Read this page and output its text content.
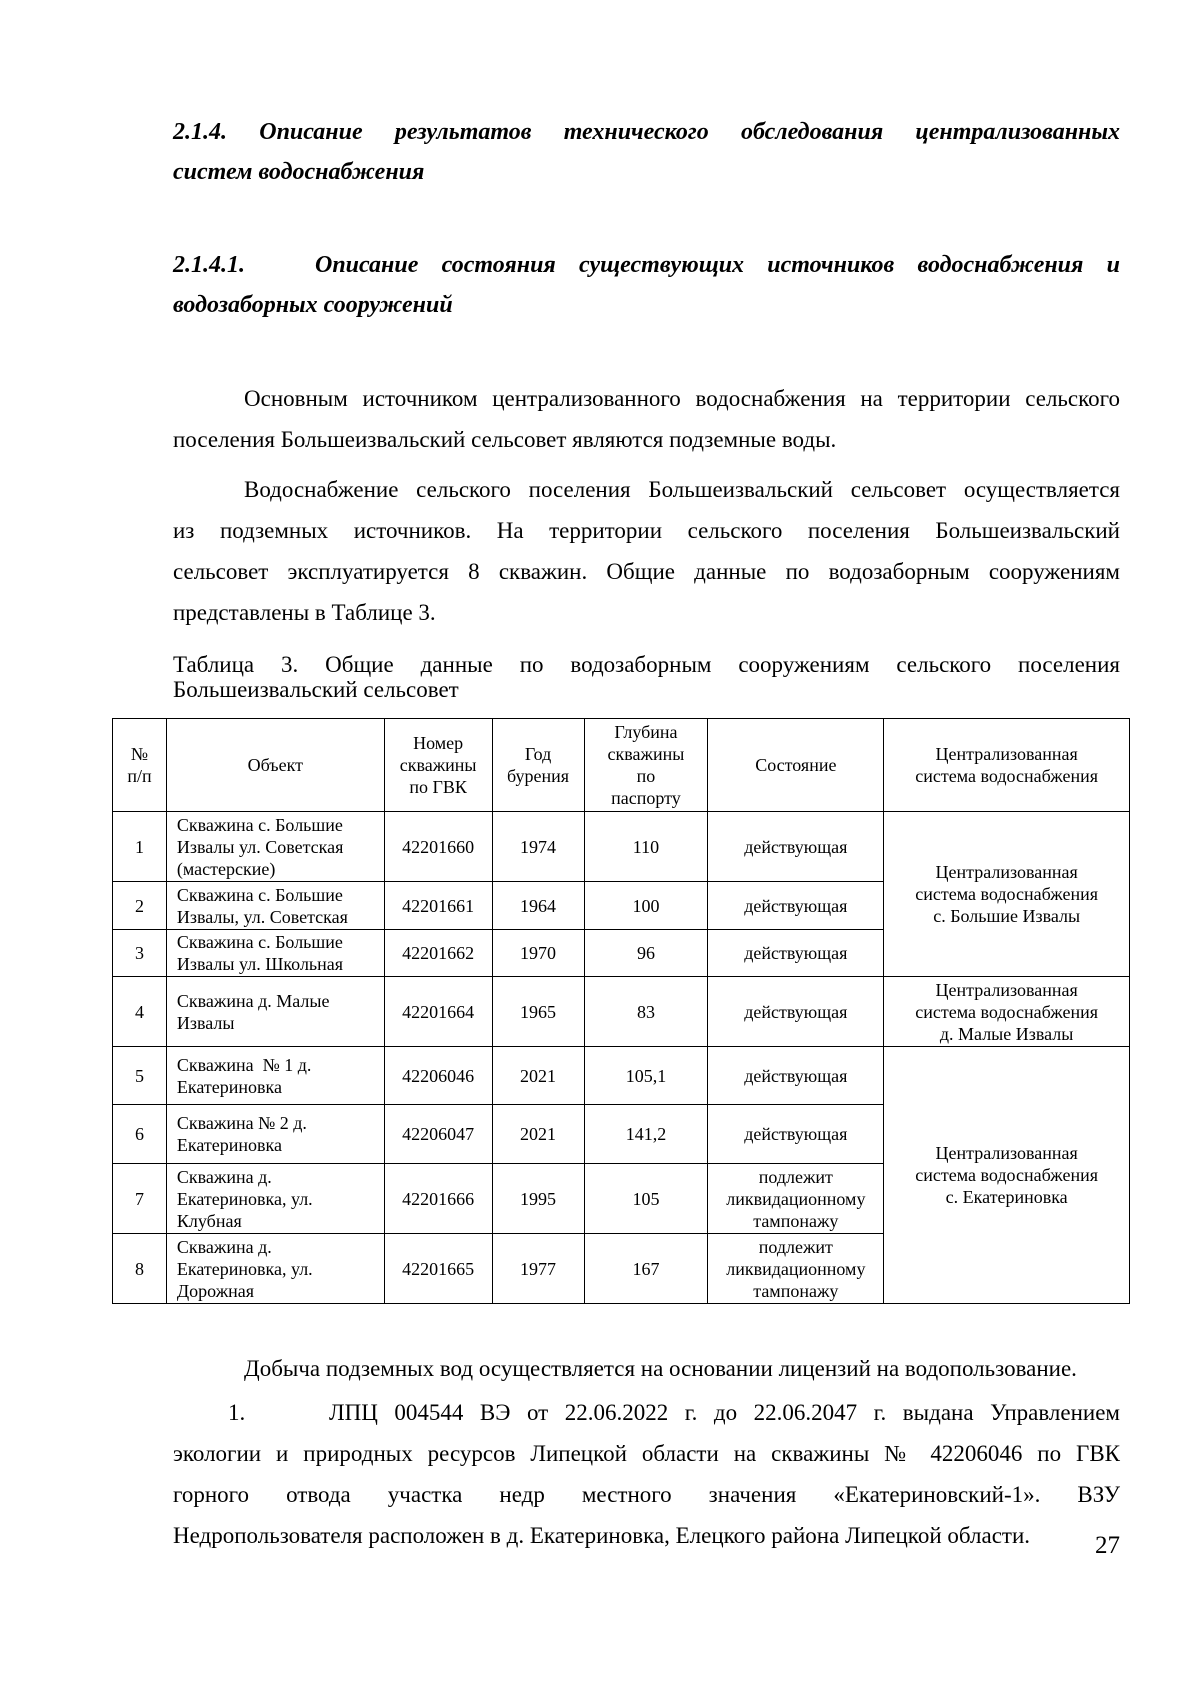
2.1.4. Описание результатов технического обследования централизованных
систем водоснабжения
2.1.4.1.	Описание состояния существующих источников водоснабжения и
водозаборных сооружений

Основным источником централизованного водоснабжения на территории сельского
поселения Большеизвальский сельсовет являются подземные воды.

Водоснабжение сельского поселения Большеизвальский сельсовет осуществляется
из подземных источников. На территории сельского поселения Большеизвальский
сельсовет эксплуатируется 8 скважин. Общие данные по водозаборным сооружениям
представлены в Таблице 3.

Таблица 3. Общие данные по водозаборным сооружениям сельского поселения
Большеизвальский сельсовет
№
п/п	Объект	Номер
скважины
по ГВК	Год
бурения	Глубина
скважины
по
паспорту	Состояние	Централизованная
система водоснабжения
1	Скважина с. Большие
Извалы ул. Советская
(мастерские)	42201660	1974	110	действующая	Централизованная
система водоснабжения
с. Большие Извалы
2	Скважина с. Большие
Извалы, ул. Советская	42201661	1964	100	действующая	
3	Скважина с. Большие
Извалы ул. Школьная	42201662	1970	96	действующая	
4	Скважина д. Малые
Извалы	42201664	1965	83	действующая	Централизованная
система водоснабжения
д. Малые Извалы
5	Скважина  № 1 д.
Екатериновка	42206046	2021	105,1	действующая	Централизованная
система водоснабжения
с. Екатериновка
6	Скважина № 2 д.
Екатериновка	42206047	2021	141,2	действующая	
7	Скважина д.
Екатериновка, ул.
Клубная	42201666	1995	105	подлежит
ликвидационному
тампонажу	
8	Скважина д.
Екатериновка, ул.
Дорожная	42201665	1977	167	подлежит
ликвидационному
тампонажу	

Добыча подземных вод осуществляется на основании лицензий на водопользование.

1.	ЛПЦ 004544 ВЭ от 22.06.2022 г. до 22.06.2047 г. выдана Управлением
экологии и природных ресурсов Липецкой области на скважины № 42206046 по ГВК
горного отвода участка недр местного значения «Екатериновский-1». ВЗУ
Недропользователя расположен в д. Екатериновка, Елецкого района Липецкой области.	27
